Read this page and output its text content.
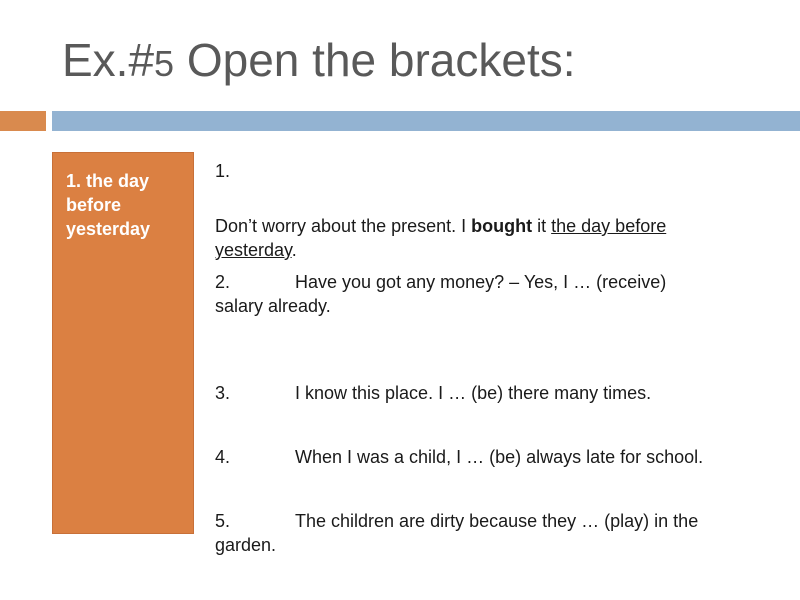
Ex.#5 Open the brackets:
1. the day before yesterday
1.
Don’t worry about the present. I bought it the day before
yesterday.
2.	Have you got any money? – Yes, I … (receive)
salary already.
3.	I know this place. I … (be) there many times.
4.	When I was a child, I … (be) always late for school.
5.	The children are dirty because they … (play) in the
garden.
